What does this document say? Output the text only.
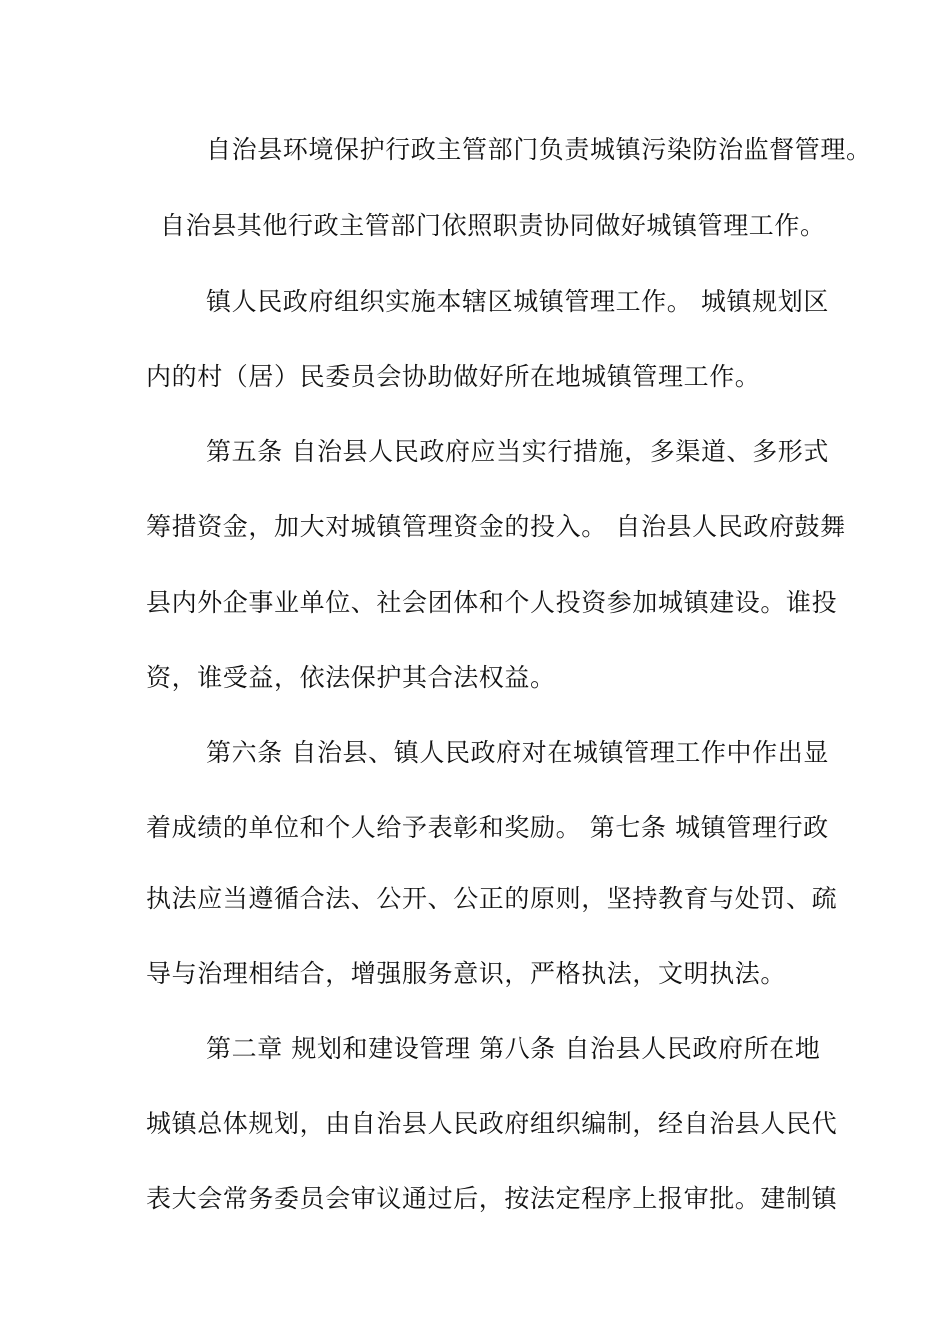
自治县环境保护行政主管部门负责城镇污染防治监督管理。
自治县其他行政主管部门依照职责协同做好城镇管理工作。
镇人民政府组织实施本辖区城镇管理工作。 城镇规划区
内的村（居）民委员会协助做好所在地城镇管理工作。
第五条 自治县人民政府应当实行措施，多渠道、多形式
筹措资金，加大对城镇管理资金的投入。 自治县人民政府鼓舞
县内外企事业单位、社会团体和个人投资参加城镇建设。谁投
资，谁受益，依法保护其合法权益。
第六条 自治县、镇人民政府对在城镇管理工作中作出显
着成绩的单位和个人给予表彰和奖励。 第七条 城镇管理行政
执法应当遵循合法、公开、公正的原则，坚持教育与处罚、疏
导与治理相结合，增强服务意识，严格执法，文明执法。
第二章 规划和建设管理 第八条 自治县人民政府所在地
城镇总体规划，由自治县人民政府组织编制，经自治县人民代
表大会常务委员会审议通过后，按法定程序上报审批。建制镇
